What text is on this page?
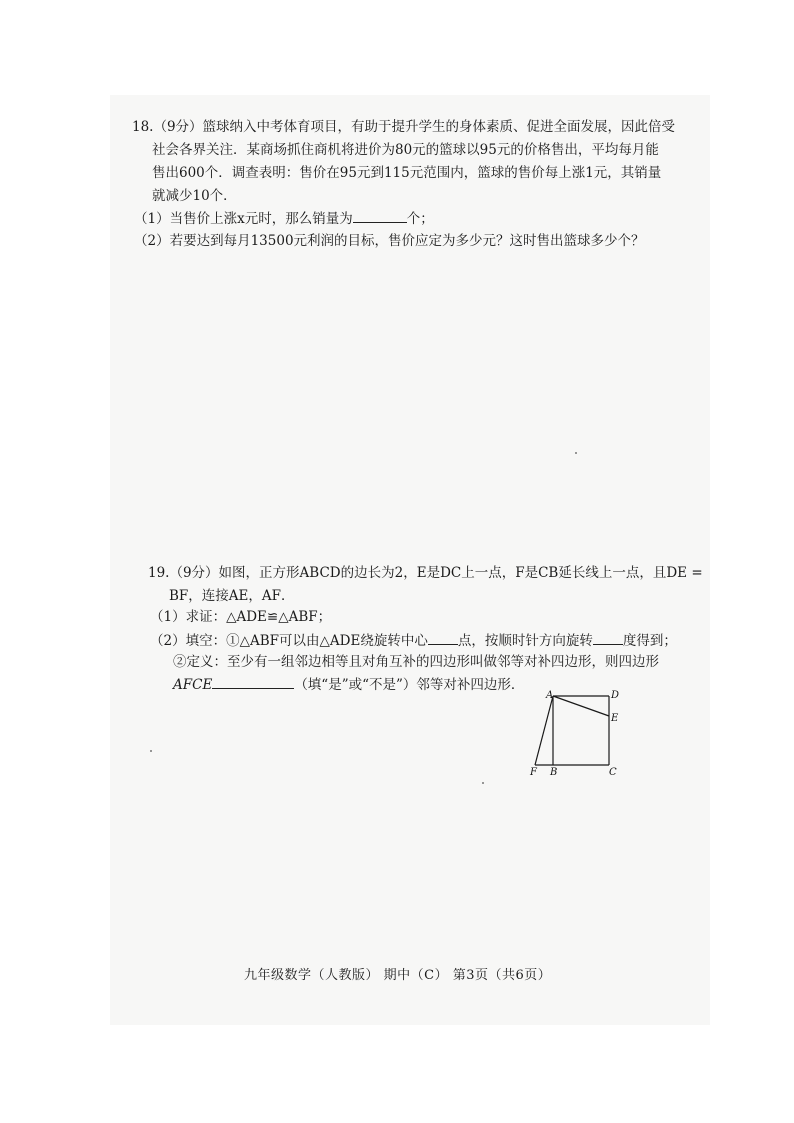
18.（9分）篮球纳入中考体育项目，有助于提升学生的身体素质、促进全面发展，因此倍受
社会各界关注．某商场抓住商机将进价为80元的篮球以95元的价格售出，平均每月能
售出600个．调查表明：售价在95元到115元范围内，篮球的售价每上涨1元，其销量
就减少10个．
（1）当售价上涨x元时，那么销量为	个；
（2）若要达到每月13500元利润的目标，售价应定为多少元？这时售出篮球多少个？
19.（9分）如图，正方形ABCD的边长为2，E是DC上一点，F是CB延长线上一点，且DE =
BF，连接AE，AF．
（1）求证：△ADE≌△ABF；
（2）填空：①△ABF可以由△ADE绕旋转中心 点，按顺时针方向旋转 度得到；
②定义：至少有一组邻边相等且对角互补的四边形叫做邻等对补四边形，则四边形
AFCE	（填“是”或“不是”）邻等对补四边形．
A	D
E
F B	C
九年级数学（人教版） 期中（C） 第3页（共6页）
